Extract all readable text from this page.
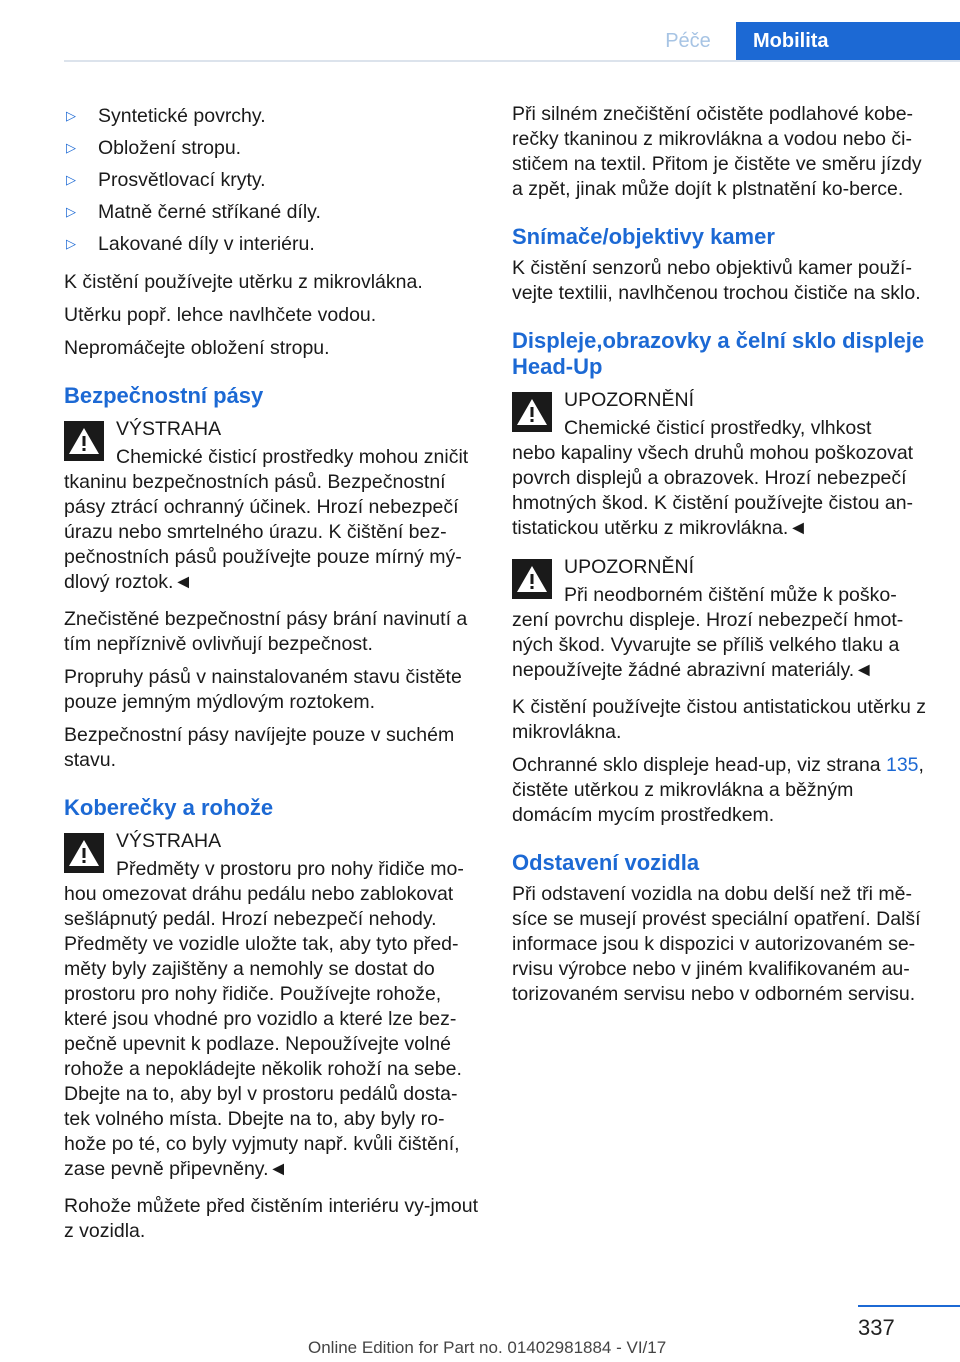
Péče	Mobilita
▷ Syntetické povrchy.
▷ Obložení stropu.
▷ Prosvětlovací kryty.
▷ Matně černé stříkané díly.
▷ Lakované díly v interiéru.

K čistění používejte utěrku z mikrovlákna.

Utěrku popř. lehce navlhčete vodou.

Nepromáčejte obložení stropu.

Bezpečnostní pásy
VÝSTRAHA
Chemické čisticí prostředky mohou zničit
tkaninu bezpečnostních pásů. Bezpečnostní pásy ztrácí ochranný účinek. Hrozí nebezpečí úrazu nebo smrtelného úrazu. K čištění bez‐pečnostních pásů používejte pouze mírný mý‐dlový roztok.◄

Znečistěné bezpečnostní pásy brání navinutí a tím nepříznivě ovlivňují bezpečnost.

Propruhy pásů v nainstalovaném stavu čistěte pouze jemným mýdlovým roztokem.

Bezpečnostní pásy navíjejte pouze v suchém stavu.

Koberečky a rohože
VÝSTRAHA
Předměty v prostoru pro nohy řidiče mo‐
hou omezovat dráhu pedálu nebo zablokovat sešlápnutý pedál. Hrozí nebezpečí nehody. Předměty ve vozidle uložte tak, aby tyto před‐měty byly zajištěny a nemohly se dostat do prostoru pro nohy řidiče. Používejte rohože, které jsou vhodné pro vozidlo a které lze bez‐pečně upevnit k podlaze. Nepoužívejte volné rohože a nepokládejte několik rohoží na sebe. Dbejte na to, aby byl v prostoru pedálů dosta‐tek volného místa. Dbejte na to, aby byly ro‐hože po té, co byly vyjmuty např. kvůli čištění, zase pevně připevněny.◄

Rohože můžete před čistěním interiéru vy‐jmout z vozidla.

Při silném znečištění očistěte podlahové kobe‐rečky tkaninou z mikrovlákna a vodou nebo či‐stičem na textil. Přitom je čistěte ve směru jízdy a zpět, jinak může dojít k plstnatění ko‐berce.

Snímače/objektivy kamer

K čistění senzorů nebo objektivů kamer použí‐vejte textilii, navlhčenou trochou čističe na sklo.

Displeje,obrazovky a čelní sklo displeje Head-Up
UPOZORNĚNÍ
Chemické čisticí prostředky, vlhkost
nebo kapaliny všech druhů mohou poškozovat povrch displejů a obrazovek. Hrozí nebezpečí hmotných škod. K čistění používejte čistou an‐tistatickou utěrku z mikrovlákna.◄
UPOZORNĚNÍ
Při neodborném čištění může k poško‐
zení povrchu displeje. Hrozí nebezpečí hmot‐ných škod. Vyvarujte se příliš velkého tlaku a nepoužívejte žádné abrazivní materiály.◄

K čistění používejte čistou antistatickou utěrku z mikrovlákna.

Ochranné sklo displeje head-up, viz strana 135, čistěte utěrkou z mikrovlákna a běžným domácím mycím prostředkem.

Odstavení vozidla

Při odstavení vozidla na dobu delší než tři mě‐síce se musejí provést speciální opatření. Další informace jsou k dispozici v autorizovaném se‐rvisu výrobce nebo v jiném kvalifikovaném au‐torizovaném servisu nebo v odborném servisu.

337
Online Edition for Part no. 01402981884 - VI/17
